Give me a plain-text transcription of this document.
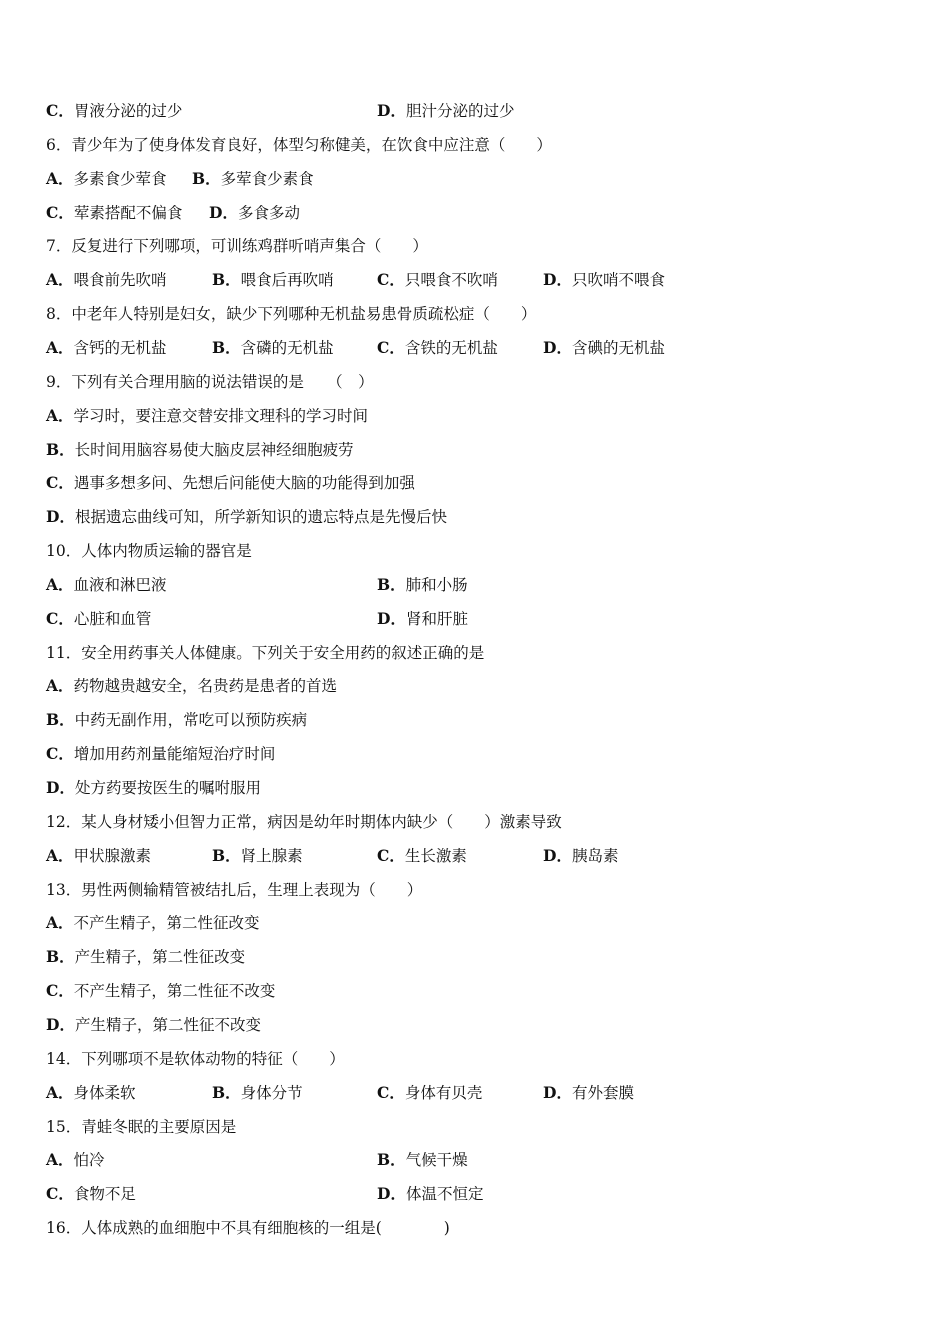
C．胃液分泌的过少	D．胆汁分泌的过少
6．青少年为了使身体发育良好，体型匀称健美，在饮食中应注意（　　）
A．多素食少荤食 B．多荤食少素食
C．荤素搭配不偏食 D．多食多动
7．反复进行下列哪项，可训练鸡群听哨声集合（　　）
A．喂食前先吹哨	B．喂食后再吹哨	C．只喂食不吹哨	D．只吹哨不喂食
8．中老年人特别是妇女，缺少下列哪种无机盐易患骨质疏松症（　　）
A．含钙的无机盐	B．含磷的无机盐	C．含铁的无机盐	D．含碘的无机盐
9．下列有关合理用脑的说法错误的是　　（　）
A．学习时，要注意交替安排文理科的学习时间
B．长时间用脑容易使大脑皮层神经细胞疲劳
C．遇事多想多问、先想后问能使大脑的功能得到加强
D．根据遗忘曲线可知，所学新知识的遗忘特点是先慢后快
10．人体内物质运输的器官是
A．血液和淋巴液	B．肺和小肠
C．心脏和血管	D．肾和肝脏
11．安全用药事关人体健康。下列关于安全用药的叙述正确的是
A．药物越贵越安全，名贵药是患者的首选
B．中药无副作用，常吃可以预防疾病
C．增加用药剂量能缩短治疗时间
D．处方药要按医生的嘱咐服用
12．某人身材矮小但智力正常，病因是幼年时期体内缺少（　　）激素导致
A．甲状腺激素	B．肾上腺素	C．生长激素	D．胰岛素
13．男性两侧输精管被结扎后，生理上表现为（　　）
A．不产生精子，第二性征改变
B．产生精子，第二性征改变
C．不产生精子，第二性征不改变
D．产生精子，第二性征不改变
14．下列哪项不是软体动物的特征（　　）
A．身体柔软	B．身体分节	C．身体有贝壳	D．有外套膜
15．青蛙冬眠的主要原因是
A．怕冷	B．气候干燥
C．食物不足	D．体温不恒定
16．人体成熟的血细胞中不具有细胞核的一组是(　　　　)
